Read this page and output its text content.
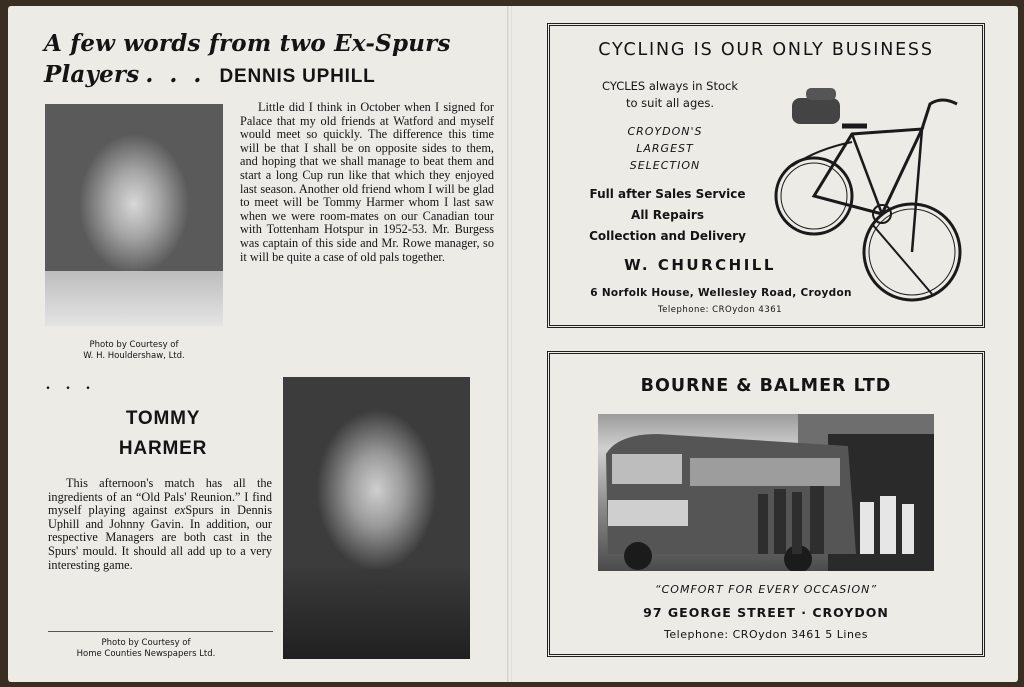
A few words from two Ex-Spurs
Players . . . DENNIS UPHILL

Photo by Courtesy of
W. H. Houldershaw, Ltd.

Little did I think in October when I signed for Palace that my old friends at Watford and myself would meet so quickly. The difference this time will be that I shall be on opposite sides to them, and hoping that we shall manage to beat them and start a long Cup run like that which they enjoyed last season. Another old friend whom I will be glad to meet will be Tommy Harmer whom I last saw when we were room-mates on our Canadian tour with Tottenham Hotspur in 1952-53. Mr. Burgess was captain of this side and Mr. Rowe manager, so it will be quite a case of old pals together.

. . .

TOMMY
HARMER

This afternoon's match has all the ingredients of an “Old Pals' Reunion.” I find myself playing against exSpurs in Dennis Uphill and Johnny Gavin. In addition, our respective Managers are both cast in the Spurs' mould. It should all add up to a very interesting game.

Photo by Courtesy of
Home Counties Newspapers Ltd.

CYCLING IS OUR ONLY BUSINESS

CYCLES always in Stock
to suit all ages.

CROYDON'S
LARGEST
SELECTION

Full after Sales Service
All Repairs
Collection and Delivery

W. CHURCHILL

6 Norfolk House, Wellesley Road, Croydon

Telephone: CROydon 4361

BOURNE & BALMER LTD

“COMFORT FOR EVERY OCCASION”

97 GEORGE STREET · CROYDON

Telephone: CROydon 3461 5 Lines
